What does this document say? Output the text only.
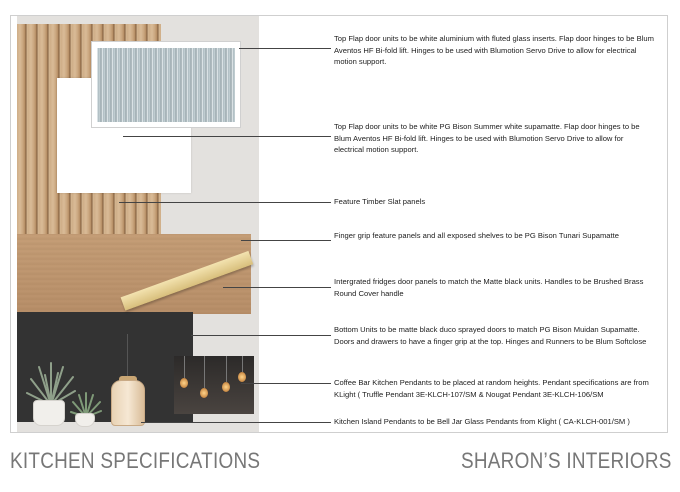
Top Flap door units to be white aluminium with fluted glass inserts. Flap door hinges to be Blum Aventos HF Bi-fold lift. Hinges to be used with Blumotion Servo Drive to allow for electrical motion support.
Top Flap door units to be white PG Bison Summer white supamatte. Flap door hinges to be Blum Aventos HF Bi-fold lift. Hinges to be used with Blumotion Servo Drive to allow for electrical motion support.
Feature Timber Slat panels
Finger grip feature panels and all exposed shelves to be PG Bison Tunari Supamatte
Intergrated fridges door panels to match the Matte black units. Handles to be Brushed Brass Round Cover handle
Bottom Units to be matte black duco sprayed doors to match PG Bison Muidan Supamatte. Doors and drawers to have a finger grip at the top. Hinges and Runners to be Blum Softclose
Coffee Bar Kitchen Pendants to be placed at random heights. Pendant specifications are from KLight ( Truffle Pendant 3E-KLCH-107/SM & Nougat Pendant 3E-KLCH-106/SM
Kitchen Island Pendants to be Bell Jar Glass Pendants from Klight ( CA-KLCH-001/SM )
KITCHEN SPECIFICATIONS	SHARON’S INTERIORS
